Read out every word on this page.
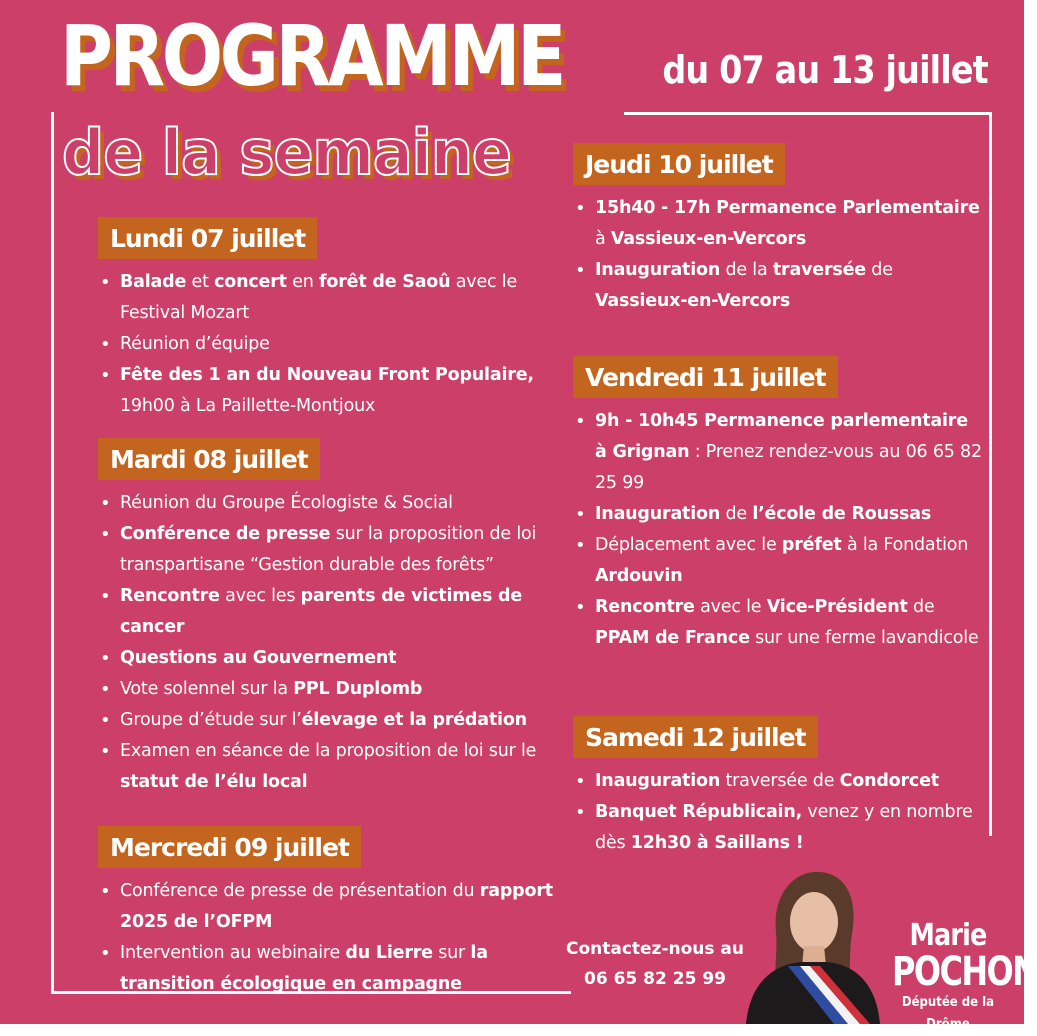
PROGRAMME
de la semaine
du 07 au 13 juillet
Lundi 07 juillet
• Balade et concert en forêt de Saoû avec le Festival Mozart
• Réunion d’équipe
• Fête des 1 an du Nouveau Front Populaire, 19h00 à La Paillette-Montjoux
Mardi 08 juillet
• Réunion du Groupe Écologiste & Social
• Conférence de presse sur la proposition de loi transpartisane “Gestion durable des forêts”
• Rencontre avec les parents de victimes de cancer
• Questions au Gouvernement
• Vote solennel sur la PPL Duplomb
• Groupe d’étude sur l’élevage et la prédation
• Examen en séance de la proposition de loi sur le statut de l’élu local
Mercredi 09 juillet
• Conférence de presse de présentation du rapport 2025 de l’OFPM
• Intervention au webinaire du Lierre sur la transition écologique en campagne
Jeudi 10 juillet
• 15h40 - 17h Permanence Parlementaire à Vassieux-en-Vercors
• Inauguration de la traversée de Vassieux-en-Vercors
Vendredi 11 juillet
• 9h - 10h45 Permanence parlementaire à Grignan : Prenez rendez-vous au 06 65 82 25 99
• Inauguration de l’école de Roussas
• Déplacement avec le préfet à la Fondation Ardouvin
• Rencontre avec le Vice-Président de PPAM de France sur une ferme lavandicole
Samedi 12 juillet
• Inauguration traversée de Condorcet
• Banquet Républicain, venez y en nombre dès 12h30 à Saillans !
Contactez-nous au
06 65 82 25 99
Marie
POCHON
Députée de la Drôme
